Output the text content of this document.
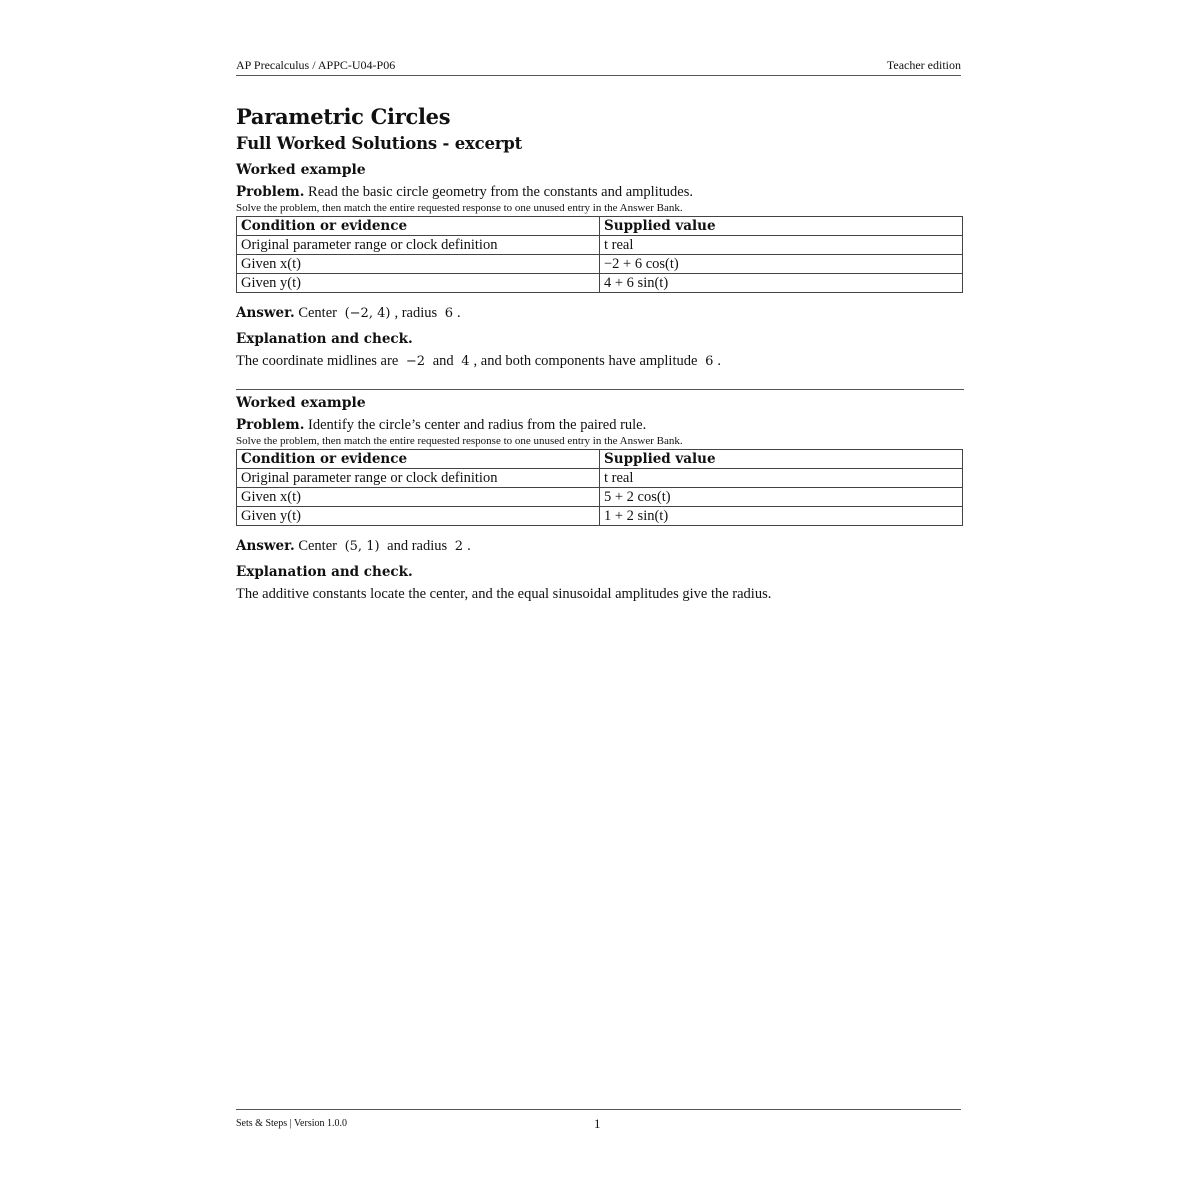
AP Precalculus / APPC-U04-P06	Teacher edition
Parametric Circles
Full Worked Solutions - excerpt
Worked example
Problem. Read the basic circle geometry from the constants and amplitudes.
Solve the problem, then match the entire requested response to one unused entry in the Answer Bank.
Condition or evidence	Supplied value
Original parameter range or clock definition	t real
Given x(t)	−2 + 6 cos(t)
Given y(t)	4 + 6 sin(t)
Answer. Center (−2, 4) , radius 6 .
Explanation and check.
The coordinate midlines are −2 and 4 , and both components have amplitude 6 .
Worked example
Problem. Identify the circle’s center and radius from the paired rule.
Solve the problem, then match the entire requested response to one unused entry in the Answer Bank.
Condition or evidence	Supplied value
Original parameter range or clock definition	t real
Given x(t)	5 + 2 cos(t)
Given y(t)	1 + 2 sin(t)
Answer. Center (5, 1) and radius 2 .
Explanation and check.
The additive constants locate the center, and the equal sinusoidal amplitudes give the radius.
Sets & Steps | Version 1.0.0	1
